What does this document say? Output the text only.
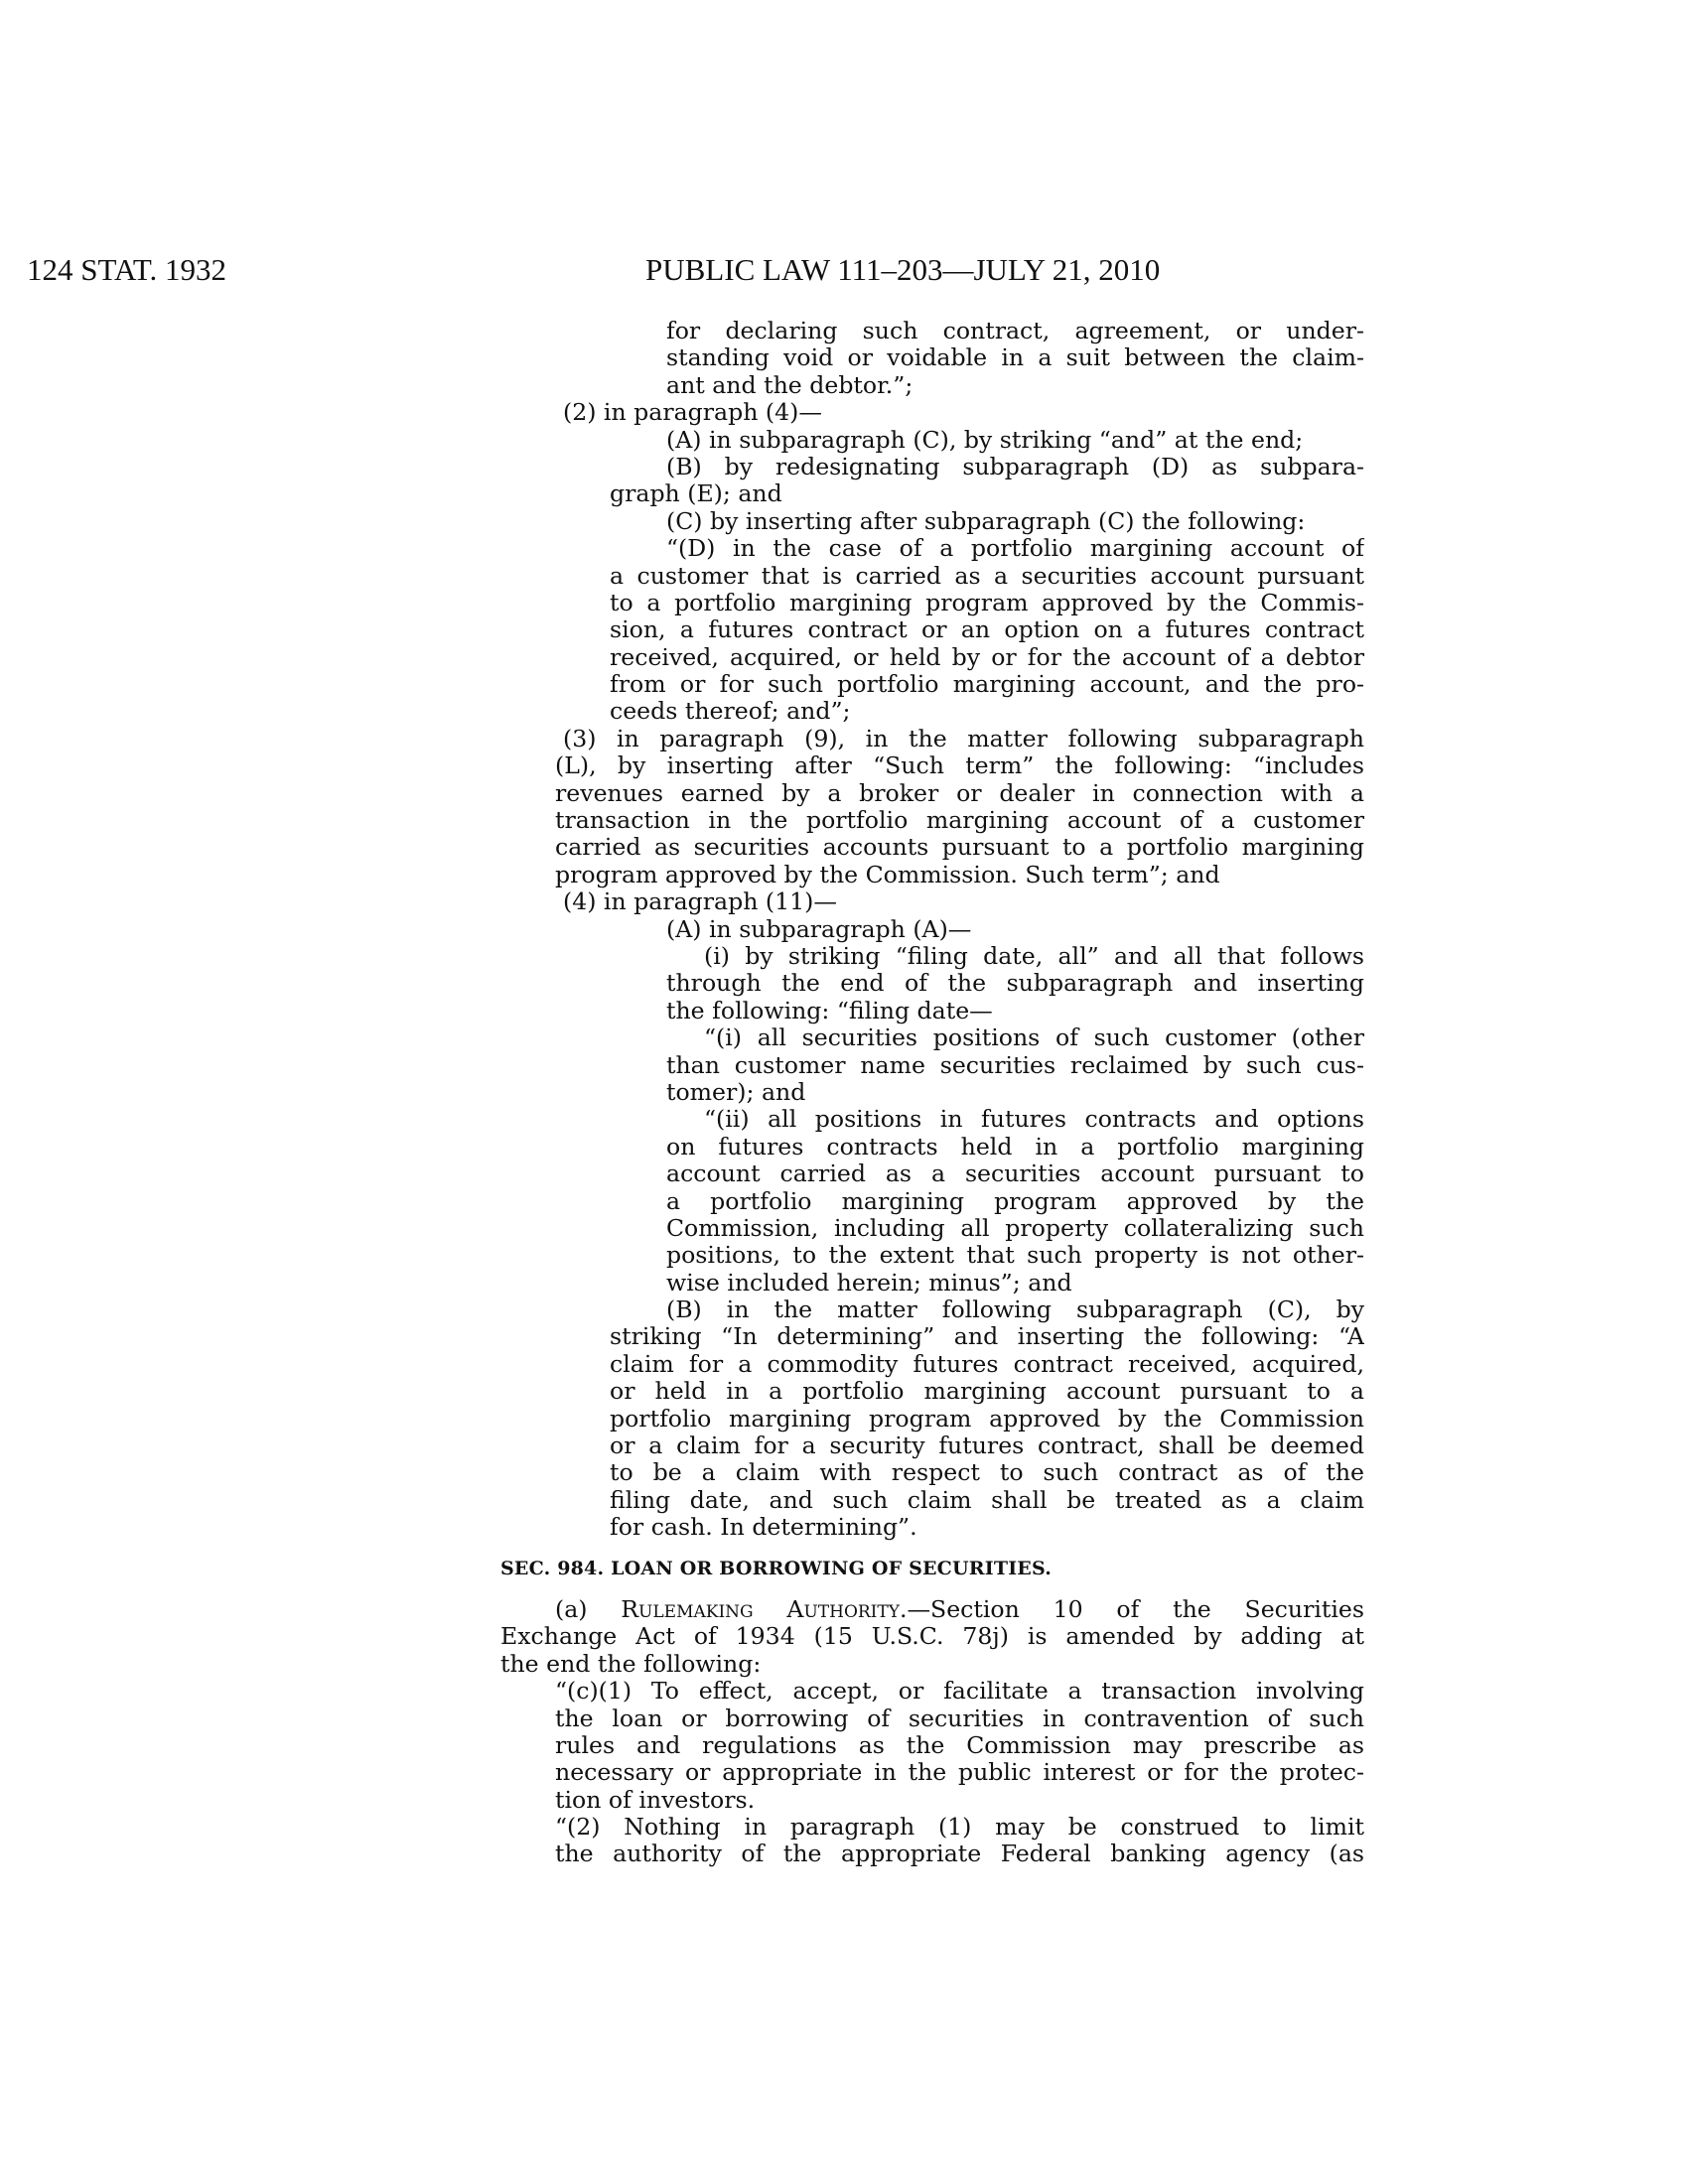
124 STAT. 1932	PUBLIC LAW 111–203—JULY 21, 2010
for declaring such contract, agreement, or under-
standing void or voidable in a suit between the claim-
ant and the debtor.”;
(2) in paragraph (4)—
(A) in subparagraph (C), by striking “and” at the end;
(B) by redesignating subparagraph (D) as subpara-
graph (E); and
(C) by inserting after subparagraph (C) the following:
“(D) in the case of a portfolio margining account of
a customer that is carried as a securities account pursuant
to a portfolio margining program approved by the Commis-
sion, a futures contract or an option on a futures contract
received, acquired, or held by or for the account of a debtor
from or for such portfolio margining account, and the pro-
ceeds thereof; and”;
(3) in paragraph (9), in the matter following subparagraph
(L), by inserting after “Such term” the following: “includes
revenues earned by a broker or dealer in connection with a
transaction in the portfolio margining account of a customer
carried as securities accounts pursuant to a portfolio margining
program approved by the Commission. Such term”; and
(4) in paragraph (11)—
(A) in subparagraph (A)—
(i) by striking “filing date, all” and all that follows
through the end of the subparagraph and inserting
the following: “filing date—
“(i) all securities positions of such customer (other
than customer name securities reclaimed by such cus-
tomer); and
“(ii) all positions in futures contracts and options
on futures contracts held in a portfolio margining
account carried as a securities account pursuant to
a portfolio margining program approved by the
Commission, including all property collateralizing such
positions, to the extent that such property is not other-
wise included herein; minus”; and
(B) in the matter following subparagraph (C), by
striking “In determining” and inserting the following: “A
claim for a commodity futures contract received, acquired,
or held in a portfolio margining account pursuant to a
portfolio margining program approved by the Commission
or a claim for a security futures contract, shall be deemed
to be a claim with respect to such contract as of the
filing date, and such claim shall be treated as a claim
for cash. In determining”.
SEC. 984. LOAN OR BORROWING OF SECURITIES.
(a) Rulemaking Authority.—Section 10 of the Securities
Exchange Act of 1934 (15 U.S.C. 78j) is amended by adding at
the end the following:
“(c)(1) To effect, accept, or facilitate a transaction involving
the loan or borrowing of securities in contravention of such
rules and regulations as the Commission may prescribe as
necessary or appropriate in the public interest or for the protec-
tion of investors.
“(2) Nothing in paragraph (1) may be construed to limit
the authority of the appropriate Federal banking agency (as
